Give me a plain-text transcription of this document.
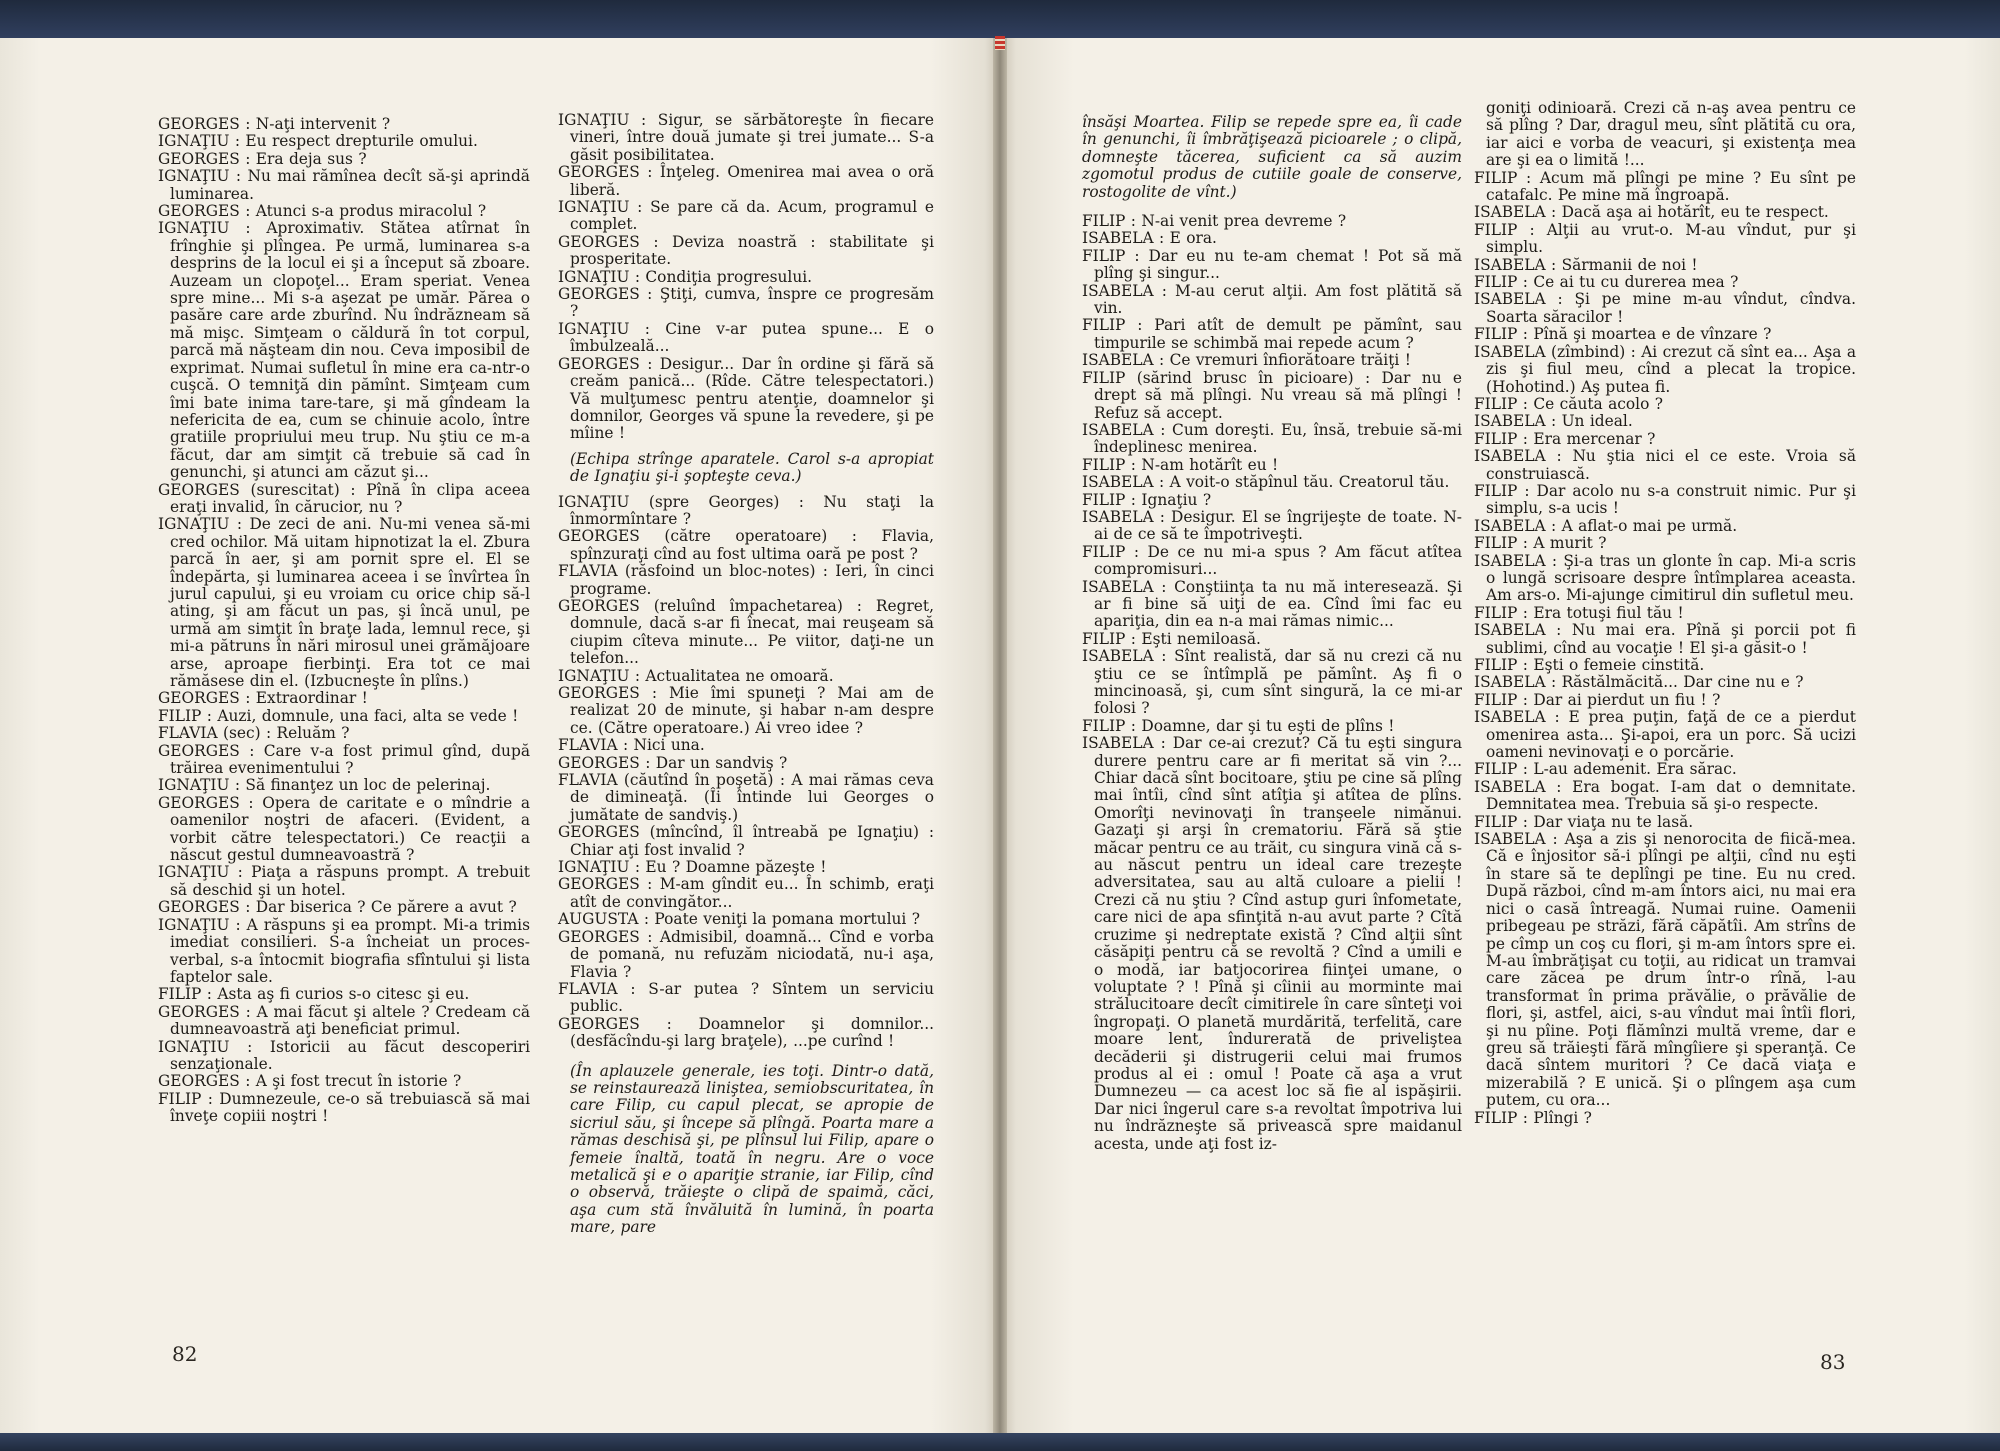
GEORGES : N-aţi intervenit ?

IGNAŢIU : Eu respect drepturile omului.

GEORGES : Era deja sus ?

IGNAŢIU : Nu mai rămînea decît să-şi aprindă luminarea.

GEORGES : Atunci s-a produs miracolul ?

IGNAŢIU : Aproximativ. Stătea atîrnat în frînghie şi plîngea. Pe urmă, luminarea s-a desprins de la locul ei şi a început să zboare. Auzeam un clopoţel... Eram speriat. Venea spre mine... Mi s-a aşezat pe umăr. Părea o pasăre care arde zburînd. Nu îndrăzneam să mă mişc. Simţeam o căldură în tot corpul, parcă mă năşteam din nou. Ceva imposibil de exprimat. Numai sufletul în mine era ca-ntr-o cuşcă. O temniţă din pămînt. Simţeam cum îmi bate inima tare-tare, şi mă gîndeam la nefericita de ea, cum se chinuie acolo, între gratiile propriului meu trup. Nu ştiu ce m-a făcut, dar am simţit că trebuie să cad în genunchi, şi atunci am căzut şi...

GEORGES (surescitat) : Pînă în clipa aceea eraţi invalid, în cărucior, nu ?

IGNAŢIU : De zeci de ani. Nu-mi venea să-mi cred ochilor. Mă uitam hipnotizat la el. Zbura parcă în aer, şi am pornit spre el. El se îndepărta, şi luminarea aceea i se învîrtea în jurul capului, şi eu vroiam cu orice chip să-l ating, şi am făcut un pas, şi încă unul, pe urmă am simţit în braţe lada, lemnul rece, şi mi-a pătruns în nări mirosul unei grămăjoare arse, aproape fierbinţi. Era tot ce mai rămăsese din el. (Izbucneşte în plîns.)

GEORGES : Extraordinar !

FILIP : Auzi, domnule, una faci, alta se vede !

FLAVIA (sec) : Reluăm ?

GEORGES : Care v-a fost primul gînd, după trăirea evenimentului ?

IGNAŢIU : Să finanţez un loc de pelerinaj.

GEORGES : Opera de caritate e o mîndrie a oamenilor noştri de afaceri. (Evident, a vorbit către telespectatori.) Ce reacţii a născut gestul dumneavoastră ?

IGNAŢIU : Piaţa a răspuns prompt. A trebuit să deschid şi un hotel.

GEORGES : Dar biserica ? Ce părere a avut ?

IGNAŢIU : A răspuns şi ea prompt. Mi-a trimis imediat consilieri. S-a încheiat un proces-verbal, s-a întocmit biografia sfîntului şi lista faptelor sale.

FILIP : Asta aş fi curios s-o citesc şi eu.

GEORGES : A mai făcut şi altele ? Credeam că dumneavoastră aţi beneficiat primul.

IGNAŢIU : Istoricii au făcut descoperiri senzaţionale.

GEORGES : A şi fost trecut în istorie ?

FILIP : Dumnezeule, ce-o să trebuiască să mai înveţe copiii noştri !

IGNAŢIU : Sigur, se sărbătoreşte în fiecare vineri, între două jumate şi trei jumate... S-a găsit posibilitatea.

GEORGES : Înţeleg. Omenirea mai avea o oră liberă.

IGNAŢIU : Se pare că da. Acum, programul e complet.

GEORGES : Deviza noastră : stabilitate şi prosperitate.

IGNAŢIU : Condiţia progresului.

GEORGES : Ştiţi, cumva, înspre ce progresăm ?

IGNAŢIU : Cine v-ar putea spune... E o îmbulzeală...

GEORGES : Desigur... Dar în ordine şi fără să creăm panică... (Rîde. Către telespectatori.) Vă mulţumesc pentru atenţie, doamnelor şi domnilor, Georges vă spune la revedere, şi pe mîine !

(Echipa strînge aparatele. Carol s-a apropiat de Ignaţiu şi-i şopteşte ceva.)

IGNAŢIU (spre Georges) : Nu staţi la înmormîntare ?

GEORGES (către operatoare) : Flavia, spînzuraţi cînd au fost ultima oară pe post ?

FLAVIA (răsfoind un bloc-notes) : Ieri, în cinci programe.

GEORGES (reluînd împachetarea) : Regret, domnule, dacă s-ar fi înecat, mai reuşeam să ciupim cîteva minute... Pe viitor, daţi-ne un telefon...

IGNAŢIU : Actualitatea ne omoară.

GEORGES : Mie îmi spuneţi ? Mai am de realizat 20 de minute, şi habar n-am despre ce. (Către operatoare.) Ai vreo idee ?

FLAVIA : Nici una.

GEORGES : Dar un sandviş ?

FLAVIA (căutînd în poşetă) : A mai rămas ceva de dimineaţă. (Îi întinde lui Georges o jumătate de sandviş.)

GEORGES (mîncînd, îl întreabă pe Ignaţiu) : Chiar aţi fost invalid ?

IGNAŢIU : Eu ? Doamne păzeşte !

GEORGES : M-am gîndit eu... În schimb, eraţi atît de convingător...

AUGUSTA : Poate veniţi la pomana mortului ?

GEORGES : Admisibil, doamnă... Cînd e vorba de pomană, nu refuzăm niciodată, nu-i aşa, Flavia ?

FLAVIA : S-ar putea ? Sîntem un serviciu public.

GEORGES : Doamnelor şi domnilor... (desfăcîndu-şi larg braţele), ...pe curînd !

(În aplauzele generale, ies toţi. Dintr-o dată, se reinstaurează liniştea, semiobscuritatea, în care Filip, cu capul plecat, se apropie de sicriul său, şi începe să plîngă. Poarta mare a rămas deschisă şi, pe plînsul lui Filip, apare o femeie înaltă, toată în negru. Are o voce metalică şi e o apariţie stranie, iar Filip, cînd o observă, trăieşte o clipă de spaimă, căci, aşa cum stă învăluită în lumină, în poarta mare, pare

82

însăşi Moartea. Filip se repede spre ea, îi cade în genunchi, îi îmbrăţişează picioarele ; o clipă, domneşte tăcerea, suficient ca să auzim zgomotul produs de cutiile goale de conserve, rostogolite de vînt.)

FILIP : N-ai venit prea devreme ?

ISABELA : E ora.

FILIP : Dar eu nu te-am chemat ! Pot să mă plîng şi singur...

ISABELA : M-au cerut alţii. Am fost plătită să vin.

FILIP : Pari atît de demult pe pămînt, sau timpurile se schimbă mai repede acum ?

ISABELA : Ce vremuri înfiorătoare trăiţi !

FILIP (sărind brusc în picioare) : Dar nu e drept să mă plîngi. Nu vreau să mă plîngi ! Refuz să accept.

ISABELA : Cum doreşti. Eu, însă, trebuie să-mi îndeplinesc menirea.

FILIP : N-am hotărît eu !

ISABELA : A voit-o stăpînul tău. Creatorul tău.

FILIP : Ignaţiu ?

ISABELA : Desigur. El se îngrijeşte de toate. N-ai de ce să te împotriveşti.

FILIP : De ce nu mi-a spus ? Am făcut atîtea compromisuri...

ISABELA : Conştiinţa ta nu mă interesează. Şi ar fi bine să uiţi de ea. Cînd îmi fac eu apariţia, din ea n-a mai rămas nimic...

FILIP : Eşti nemiloasă.

ISABELA : Sînt realistă, dar să nu crezi că nu ştiu ce se întîmplă pe pămînt. Aş fi o mincinoasă, şi, cum sînt singură, la ce mi-ar folosi ?

FILIP : Doamne, dar şi tu eşti de plîns !

ISABELA : Dar ce-ai crezut? Că tu eşti singura durere pentru care ar fi meritat să vin ?... Chiar dacă sînt bocitoare, ştiu pe cine să plîng mai întîi, cînd sînt atîţia şi atîtea de plîns. Omorîţi nevinovaţi în tranşeele nimănui. Gazaţi şi arşi în crematoriu. Fără să ştie măcar pentru ce au trăit, cu singura vină că s-au născut pentru un ideal care trezeşte adversitatea, sau au altă culoare a pielii ! Crezi că nu ştiu ? Cînd astup guri înfometate, care nici de apa sfinţită n-au avut parte ? Cîtă cruzime şi nedreptate există ? Cînd alţii sînt căsăpiţi pentru că se revoltă ? Cînd a umili e o modă, iar batjocorirea fiinţei umane, o voluptate ? ! Pînă şi cîinii au morminte mai strălucitoare decît cimitirele în care sînteţi voi îngropaţi. O planetă murdărită, terfelită, care moare lent, îndurerată de priveliştea decăderii şi distrugerii celui mai frumos produs al ei : omul ! Poate că aşa a vrut Dumnezeu — ca acest loc să fie al ispăşirii. Dar nici îngerul care s-a revoltat împotriva lui nu îndrăzneşte să privească spre maidanul acesta, unde aţi fost iz-

goniţi odinioară. Crezi că n-aş avea pentru ce să plîng ? Dar, dragul meu, sînt plătită cu ora, iar aici e vorba de veacuri, şi existenţa mea are şi ea o limită !...

FILIP : Acum mă plîngi pe mine ? Eu sînt pe catafalc. Pe mine mă îngroapă.

ISABELA : Dacă aşa ai hotărît, eu te respect.

FILIP : Alţii au vrut-o. M-au vîndut, pur şi simplu.

ISABELA : Sărmanii de noi !

FILIP : Ce ai tu cu durerea mea ?

ISABELA : Şi pe mine m-au vîndut, cîndva. Soarta săracilor !

FILIP : Pînă şi moartea e de vînzare ?

ISABELA (zîmbind) : Ai crezut că sînt ea... Aşa a zis şi fiul meu, cînd a plecat la tropice. (Hohotind.) Aş putea fi.

FILIP : Ce căuta acolo ?

ISABELA : Un ideal.

FILIP : Era mercenar ?

ISABELA : Nu ştia nici el ce este. Vroia să construiască.

FILIP : Dar acolo nu s-a construit nimic. Pur şi simplu, s-a ucis !

ISABELA : A aflat-o mai pe urmă.

FILIP : A murit ?

ISABELA : Şi-a tras un glonte în cap. Mi-a scris o lungă scrisoare despre întîmplarea aceasta. Am ars-o. Mi-ajunge cimitirul din sufletul meu.

FILIP : Era totuşi fiul tău !

ISABELA : Nu mai era. Pînă şi porcii pot fi sublimi, cînd au vocaţie ! El şi-a găsit-o !

FILIP : Eşti o femeie cinstită.

ISABELA : Răstălmăcită... Dar cine nu e ?

FILIP : Dar ai pierdut un fiu ! ?

ISABELA : E prea puţin, faţă de ce a pierdut omenirea asta... Şi-apoi, era un porc. Să ucizi oameni nevinovaţi e o porcărie.

FILIP : L-au ademenit. Era sărac.

ISABELA : Era bogat. I-am dat o demnitate. Demnitatea mea. Trebuia să şi-o respecte.

FILIP : Dar viaţa nu te lasă.

ISABELA : Aşa a zis şi nenorocita de fiică-mea. Că e înjositor să-i plîngi pe alţii, cînd nu eşti în stare să te deplîngi pe tine. Eu nu cred. După război, cînd m-am întors aici, nu mai era nici o casă întreagă. Numai ruine. Oamenii pribegeau pe străzi, fără căpătîi. Am strîns de pe cîmp un coş cu flori, şi m-am întors spre ei. M-au îmbrăţişat cu toţii, au ridicat un tramvai care zăcea pe drum într-o rînă, l-au transformat în prima prăvălie, o prăvălie de flori, şi, astfel, aici, s-au vîndut mai întîi flori, şi nu pîine. Poţi flămînzi multă vreme, dar e greu să trăieşti fără mîngîiere şi speranţă. Ce dacă sîntem muritori ? Ce dacă viaţa e mizerabilă ? E unică. Şi o plîngem aşa cum putem, cu ora...

FILIP : Plîngi ?

83
